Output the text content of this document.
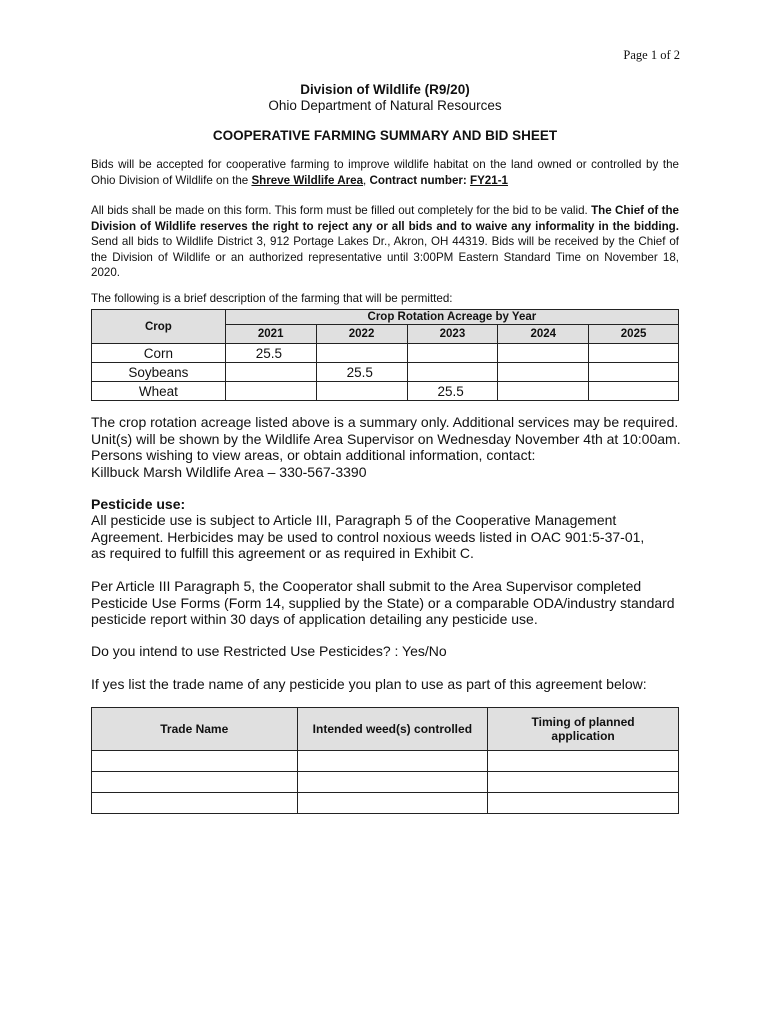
Page 1 of 2
Division of Wildlife (R9/20)
Ohio Department of Natural Resources
COOPERATIVE FARMING SUMMARY AND BID SHEET
Bids will be accepted for cooperative farming to improve wildlife habitat on the land owned or controlled by the Ohio Division of Wildlife on the Shreve Wildlife Area, Contract number: FY21-1
All bids shall be made on this form. This form must be filled out completely for the bid to be valid. The Chief of the Division of Wildlife reserves the right to reject any or all bids and to waive any informality in the bidding. Send all bids to Wildlife District 3, 912 Portage Lakes Dr., Akron, OH 44319. Bids will be received by the Chief of the Division of Wildlife or an authorized representative until 3:00PM Eastern Standard Time on November 18, 2020.
The following is a brief description of the farming that will be permitted:
Crop	Crop Rotation Acreage by Year				
	2021	2022	2023	2024	2025
Corn	25.5				
Soybeans		25.5			
Wheat			25.5		
The crop rotation acreage listed above is a summary only. Additional services may be required.
Unit(s) will be shown by the Wildlife Area Supervisor on Wednesday November 4th at 10:00am.
Persons wishing to view areas, or obtain additional information, contact:
Killbuck Marsh Wildlife Area – 330-567-3390
Pesticide use:
All pesticide use is subject to Article III, Paragraph 5 of the Cooperative Management Agreement. Herbicides may be used to control noxious weeds listed in OAC 901:5-37-01, as required to fulfill this agreement or as required in Exhibit C.
Per Article III Paragraph 5, the Cooperator shall submit to the Area Supervisor completed Pesticide Use Forms (Form 14, supplied by the State) or a comparable ODA/industry standard pesticide report within 30 days of application detailing any pesticide use.
Do you intend to use Restricted Use Pesticides? : Yes/No
If yes list the trade name of any pesticide you plan to use as part of this agreement below:
Trade Name	Intended weed(s) controlled	Timing of planned application
